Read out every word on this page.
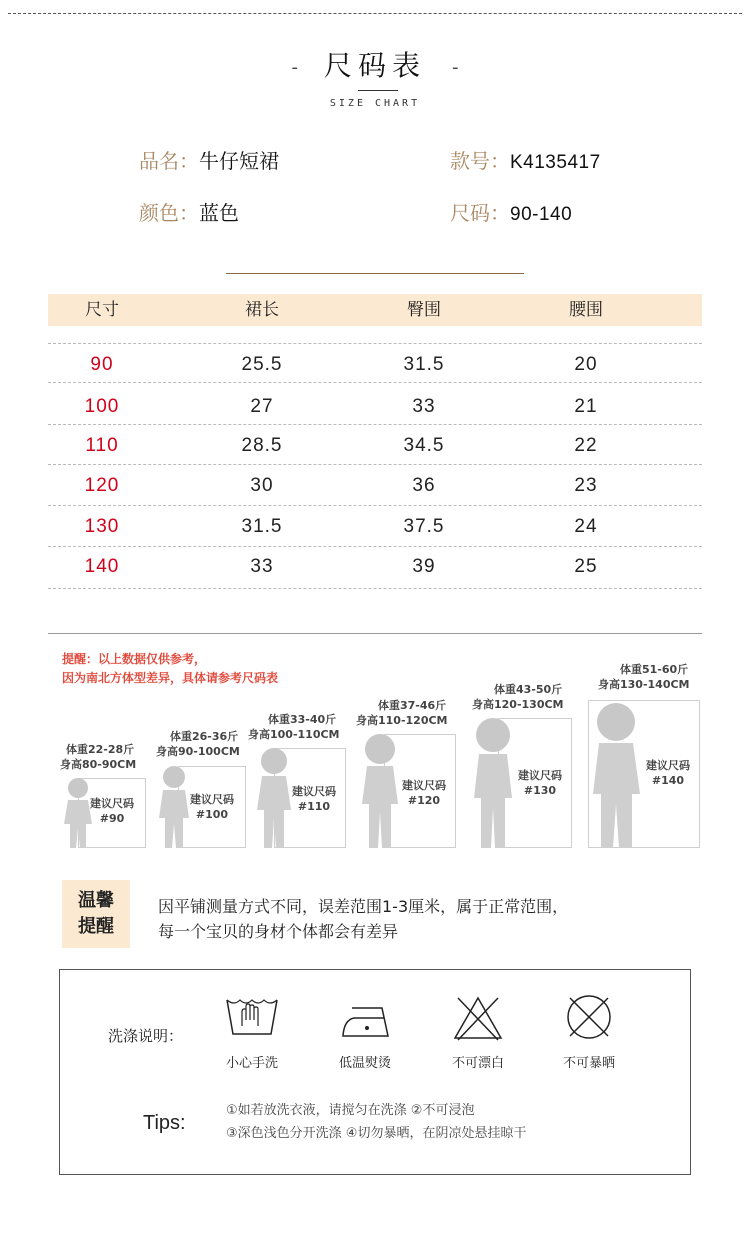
- 尺码表 -
SIZE CHART
品名：牛仔短裙	款号：K4135417
颜色：蓝色	尺码：90-140
尺寸	裙长	臀围	腰围
90	25.5	31.5	20
100	27	33	21
110	28.5	34.5	22
120	30	36	23
130	31.5	37.5	24
140	33	39	25
提醒：以上数据仅供参考，
因为南北方体型差异，具体请参考尺码表
体重22-28斤
身高80-90CM
建议尺码
#90
体重26-36斤
身高90-100CM
建议尺码
#100
体重33-40斤
身高100-110CM
建议尺码
#110
体重37-46斤
身高110-120CM
建议尺码
#120
体重43-50斤
身高120-130CM
建议尺码
#130
体重51-60斤
身高130-140CM
建议尺码
#140
温馨
提醒
因平铺测量方式不同，误差范围1-3厘米，属于正常范围，
每一个宝贝的身材个体都会有差异
洗涤说明：
小心手洗	低温熨烫	不可漂白	不可暴晒
Tips:
①如若放洗衣液，请搅匀在洗涤 ②不可浸泡
③深色浅色分开洗涤 ④切勿暴晒，在阴凉处悬挂晾干
